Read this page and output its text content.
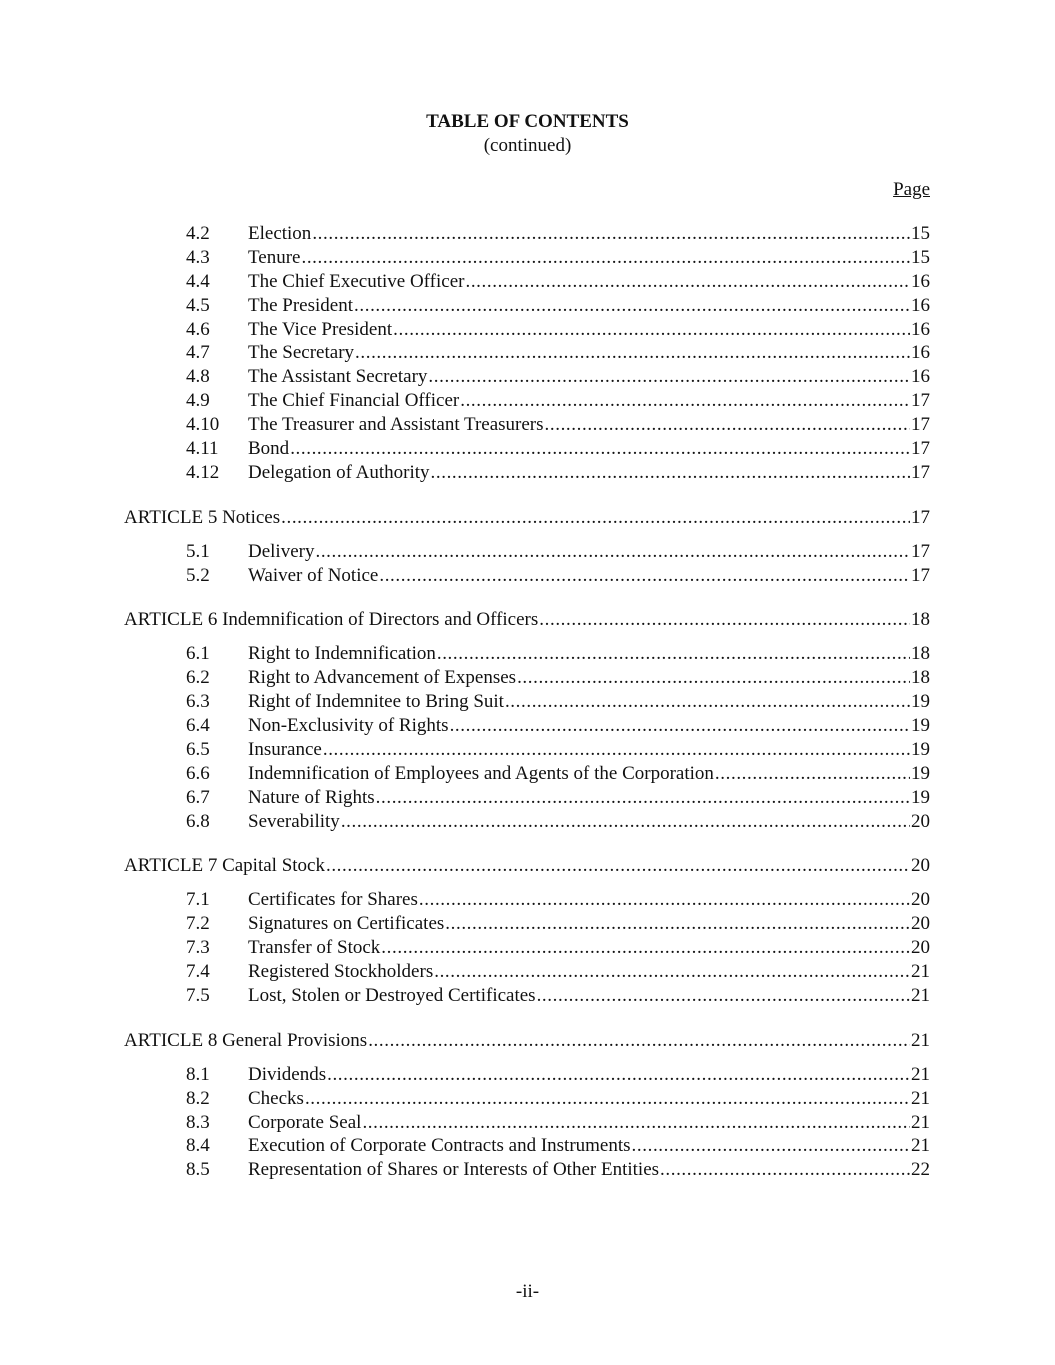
TABLE OF CONTENTS
(continued)
Page
4.2	Election .....	15
4.3	Tenure .....	15
4.4	The Chief Executive Officer .....	16
4.5	The President .....	16
4.6	The Vice President .....	16
4.7	The Secretary .....	16
4.8	The Assistant Secretary .....	16
4.9	The Chief Financial Officer .....	17
4.10	The Treasurer and Assistant Treasurers .....	17
4.11	Bond .....	17
4.12	Delegation of Authority .....	17
ARTICLE 5 Notices .....	17
5.1	Delivery .....	17
5.2	Waiver of Notice .....	17
ARTICLE 6 Indemnification of Directors and Officers .....	18
6.1	Right to Indemnification .....	18
6.2	Right to Advancement of Expenses .....	18
6.3	Right of Indemnitee to Bring Suit .....	19
6.4	Non-Exclusivity of Rights .....	19
6.5	Insurance .....	19
6.6	Indemnification of Employees and Agents of the Corporation .....	19
6.7	Nature of Rights .....	19
6.8	Severability .....	20
ARTICLE 7 Capital Stock .....	20
7.1	Certificates for Shares .....	20
7.2	Signatures on Certificates .....	20
7.3	Transfer of Stock .....	20
7.4	Registered Stockholders .....	21
7.5	Lost, Stolen or Destroyed Certificates .....	21
ARTICLE 8 General Provisions .....	21
8.1	Dividends .....	21
8.2	Checks .....	21
8.3	Corporate Seal .....	21
8.4	Execution of Corporate Contracts and Instruments .....	21
8.5	Representation of Shares or Interests of Other Entities .....	22
-ii-
